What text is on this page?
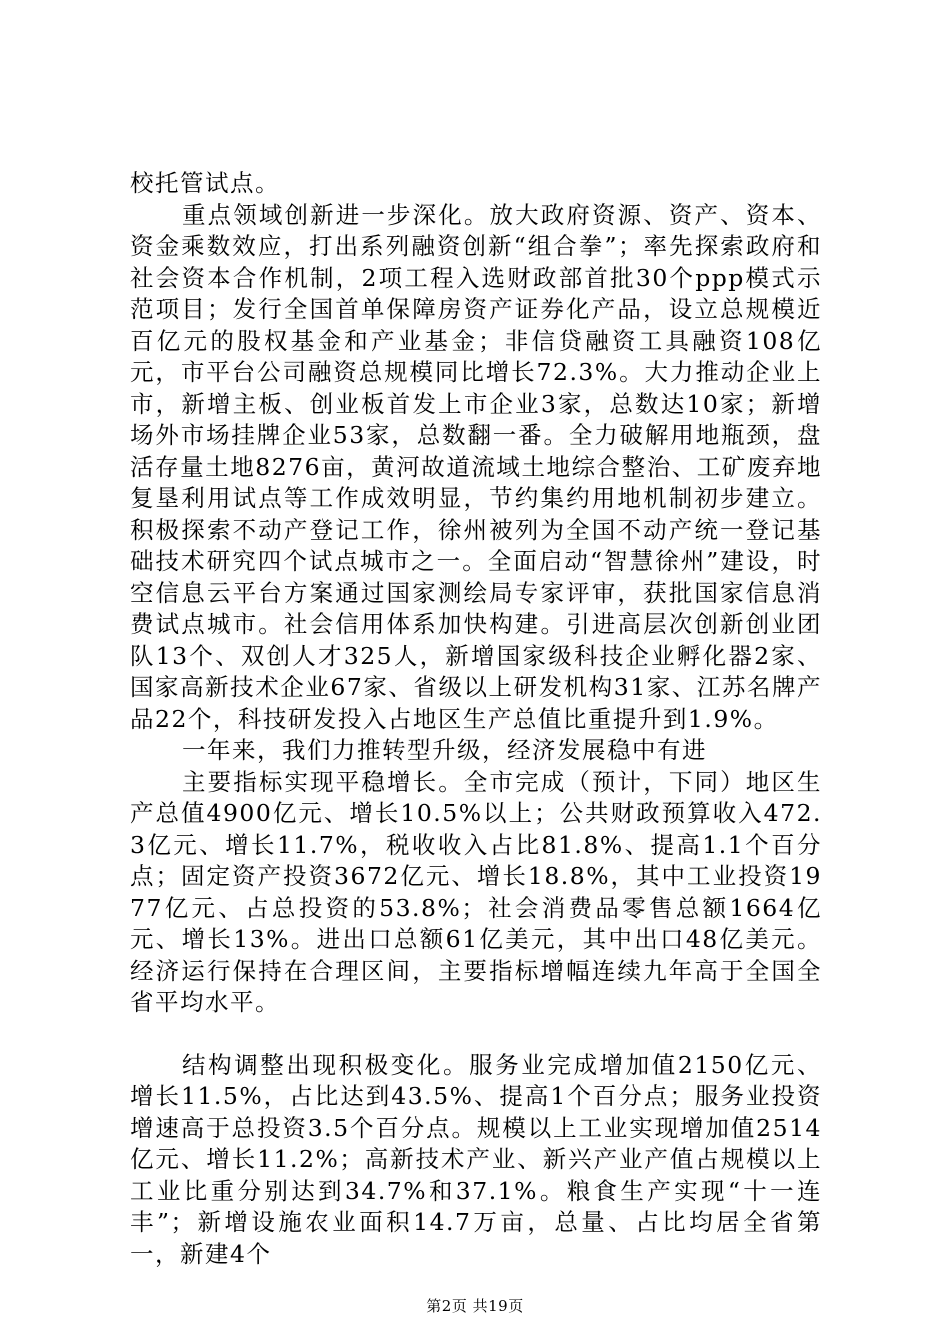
校托管试点。

重点领域创新进一步深化。放大政府资源、资产、资本、资金乘数效应，打出系列融资创新“组合拳”；率先探索政府和社会资本合作机制，2项工程入选财政部首批30个ppp模式示范项目；发行全国首单保障房资产证券化产品，设立总规模近百亿元的股权基金和产业基金；非信贷融资工具融资108亿元，市平台公司融资总规模同比增长72.3%。大力推动企业上市，新增主板、创业板首发上市企业3家，总数达10家；新增场外市场挂牌企业53家，总数翻一番。全力破解用地瓶颈，盘活存量土地8276亩，黄河故道流域土地综合整治、工矿废弃地复垦利用试点等工作成效明显，节约集约用地机制初步建立。积极探索不动产登记工作，徐州被列为全国不动产统一登记基础技术研究四个试点城市之一。全面启动“智慧徐州”建设，时空信息云平台方案通过国家测绘局专家评审，获批国家信息消费试点城市。社会信用体系加快构建。引进高层次创新创业团队13个、双创人才325人，新增国家级科技企业孵化器2家、国家高新技术企业67家、省级以上研发机构31家、江苏名牌产品22个，科技研发投入占地区生产总值比重提升到1.9%。

一年来，我们力推转型升级，经济发展稳中有进

主要指标实现平稳增长。全市完成（预计，下同）地区生产总值4900亿元、增长10.5%以上；公共财政预算收入472.3亿元、增长11.7%，税收收入占比81.8%、提高1.1个百分点；固定资产投资3672亿元、增长18.8%，其中工业投资1977亿元、占总投资的53.8%；社会消费品零售总额1664亿元、增长13%。进出口总额61亿美元，其中出口48亿美元。经济运行保持在合理区间，主要指标增幅连续九年高于全国全省平均水平。

结构调整出现积极变化。服务业完成增加值2150亿元、增长11.5%，占比达到43.5%、提高1个百分点；服务业投资增速高于总投资3.5个百分点。规模以上工业实现增加值2514亿元、增长11.2%；高新技术产业、新兴产业产值占规模以上工业比重分别达到34.7%和37.1%。粮食生产实现“十一连丰”；新增设施农业面积14.7万亩，总量、占比均居全省第一，新建4个

第2页 共19页
